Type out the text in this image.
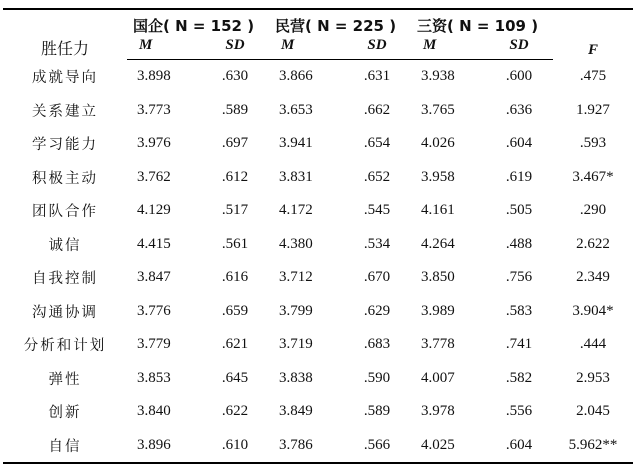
胜任力	国企( N = 152 )		民营( N = 225 )		三资( N = 109 )		F
	M	SD	M	SD	M	SD	
成就导向	3.898	.630	3.866	.631	3.938	.600	.475
关系建立	3.773	.589	3.653	.662	3.765	.636	1.927
学习能力	3.976	.697	3.941	.654	4.026	.604	.593
积极主动	3.762	.612	3.831	.652	3.958	.619	3.467*
团队合作	4.129	.517	4.172	.545	4.161	.505	.290
诚信	4.415	.561	4.380	.534	4.264	.488	2.622
自我控制	3.847	.616	3.712	.670	3.850	.756	2.349
沟通协调	3.776	.659	3.799	.629	3.989	.583	3.904*
分析和计划	3.779	.621	3.719	.683	3.778	.741	.444
弹性	3.853	.645	3.838	.590	4.007	.582	2.953
创新	3.840	.622	3.849	.589	3.978	.556	2.045
自信	3.896	.610	3.786	.566	4.025	.604	5.962**
